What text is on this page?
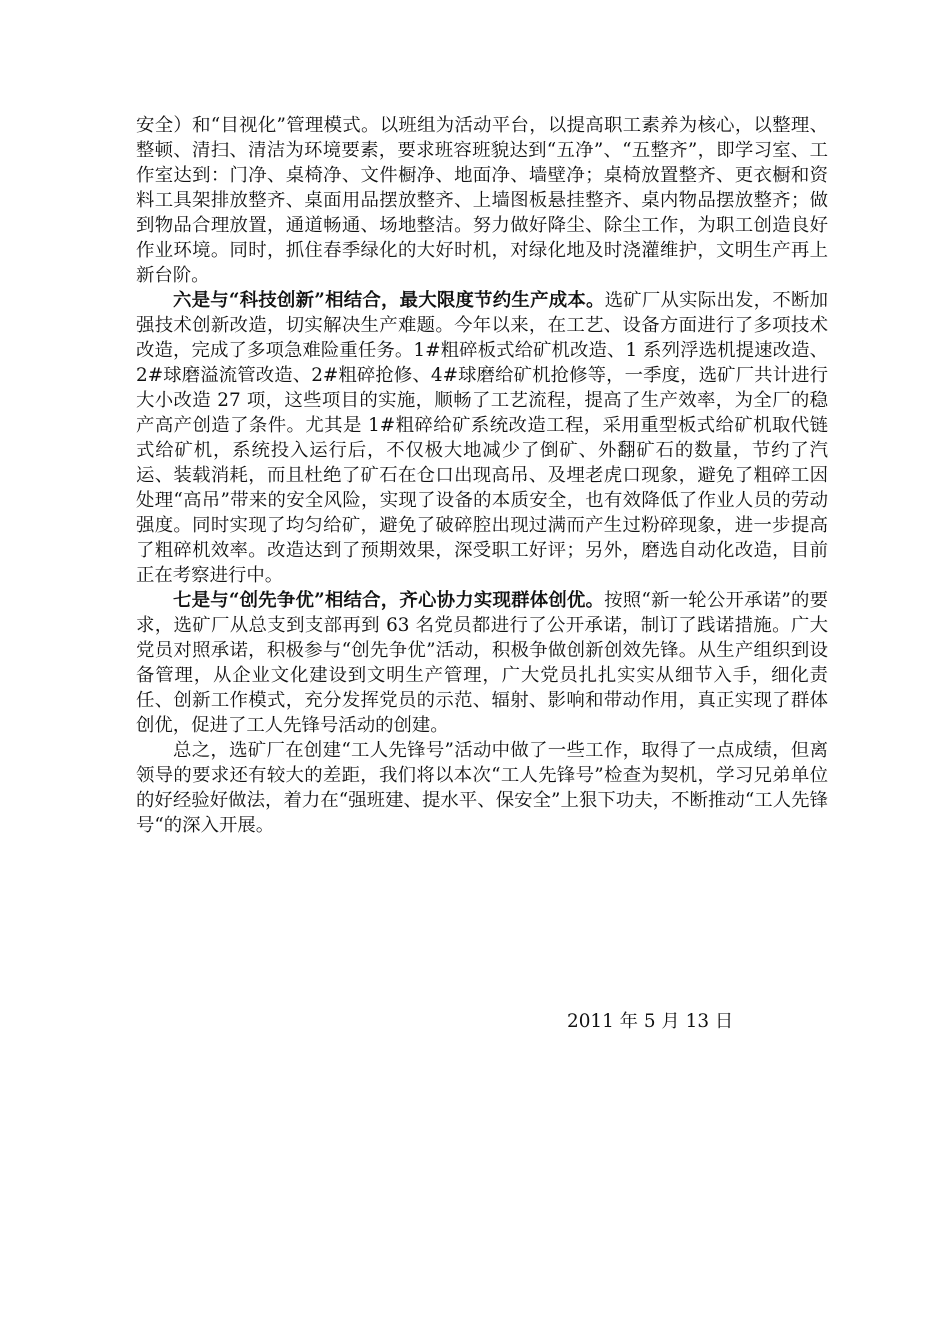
安全）和“目视化”管理模式。以班组为活动平台，以提高职工素养为核心，以整理、整顿、清扫、清洁为环境要素，要求班容班貌达到“五净”、“五整齐”，即学习室、工作室达到：门净、桌椅净、文件橱净、地面净、墙壁净；桌椅放置整齐、更衣橱和资料工具架排放整齐、桌面用品摆放整齐、上墙图板悬挂整齐、桌内物品摆放整齐；做到物品合理放置，通道畅通、场地整洁。努力做好降尘、除尘工作，为职工创造良好作业环境。同时，抓住春季绿化的大好时机，对绿化地及时浇灌维护，文明生产再上新台阶。

六是与“科技创新”相结合，最大限度节约生产成本。选矿厂从实际出发，不断加强技术创新改造，切实解决生产难题。今年以来，在工艺、设备方面进行了多项技术改造，完成了多项急难险重任务。1#粗碎板式给矿机改造、1 系列浮选机提速改造、2#球磨溢流管改造、2#粗碎抢修、4#球磨给矿机抢修等，一季度，选矿厂共计进行大小改造 27 项，这些项目的实施，顺畅了工艺流程，提高了生产效率，为全厂的稳产高产创造了条件。尤其是 1#粗碎给矿系统改造工程，采用重型板式给矿机取代链式给矿机，系统投入运行后，不仅极大地减少了倒矿、外翻矿石的数量，节约了汽运、装载消耗，而且杜绝了矿石在仓口出现高吊、及埋老虎口现象，避免了粗碎工因处理“高吊”带来的安全风险，实现了设备的本质安全，也有效降低了作业人员的劳动强度。同时实现了均匀给矿，避免了破碎腔出现过满而产生过粉碎现象，进一步提高了粗碎机效率。改造达到了预期效果，深受职工好评；另外，磨选自动化改造，目前正在考察进行中。

七是与“创先争优”相结合，齐心协力实现群体创优。按照“新一轮公开承诺”的要求，选矿厂从总支到支部再到 63 名党员都进行了公开承诺，制订了践诺措施。广大党员对照承诺，积极参与“创先争优”活动，积极争做创新创效先锋。从生产组织到设备管理，从企业文化建设到文明生产管理，广大党员扎扎实实从细节入手，细化责任、创新工作模式，充分发挥党员的示范、辐射、影响和带动作用，真正实现了群体创优，促进了工人先锋号活动的创建。

总之，选矿厂在创建“工人先锋号”活动中做了一些工作，取得了一点成绩，但离领导的要求还有较大的差距，我们将以本次“工人先锋号”检查为契机，学习兄弟单位的好经验好做法，着力在“强班建、提水平、保安全”上狠下功夫，不断推动“工人先锋号“的深入开展。

2011 年 5 月 13 日
